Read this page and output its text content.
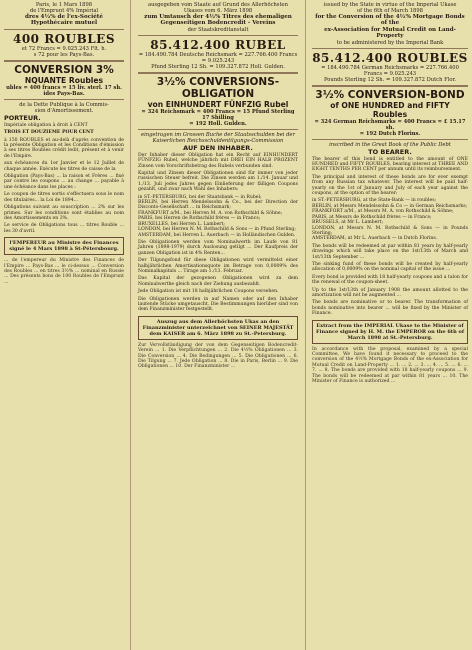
Paris, le 1 Mars 1898
de l'Emprunt 4% Impérial
dres 4½% de l'ex-Société
Hypothécaire mutuel
400 ROUBLES
et 72 Francs = 9.025.243 Flt. h.
s 72 pour les Pays-Bas.
CONVERSION 3%
NQUANTE Roubles
ubles = 400 francs = 15 liv. sterl. 17 sh.
ides Pays-Bas.
de la Dette Publique à la Commis-
sion d'Amortissement.
PORTEUR.
Impériale obligation à droit à CENT
TROIS ET DOUZIEME POUR CENT
à 150 ROUBLES et au-delà d'après convention de la présente Obligation et les Conditions d'émission à ses titres Roubles crédit ledit, présent et à venir de l'Empire.
aux échéances du 1er Janvier et le 12 Juillet de chaque année. Exécute les titres de caisse de la
Obligation (Pays-Bas) ... la raison et Frères ... fixé par contre les coupons ... au change ... payable à une échéance dans les places :
Le coupon de titres sortis s'effectuera sous le nom des titulaires... la Loi de 1894...
Obligations suivant au souscription ... 2% sur les primes. Sur les conditions sont établies au nom des Amortissements en 3%.
Le service de Obligations tous ... titres Rouble ... les 30 d'avril.
l'EMPEREUR au Ministre des Finances signé le 4 Mars 1898 à St-Pétersbourg.
... de l'empereur du Ministre des Finances de l'Empire ... Pays-Bas ... le ci-dessus ... Conversion des Roubles ... en titres 3½% ... nominal en Russie ... Des présents bons de 100 Roubles de l'Emprunt ...
ausgegeben vom Staate auf Grund des Allerhöchsten
Ukases vom 6. März 1898
zum Umtausch der 4½% Titres des ehemaligen
Gegenseitigen Bodencredit - Vereins
der Staatskreditanstalt
85.412.400 RUBEL
= 184.490.784 Deutsche Reichsmark = 227.766.400 Francs = 9.025.243
Pfund Sterling 12 Sh. = 109.327.872 Holl. Gulden.
3½% CONVERSIONS-OBLIGATION
von EINHUNDERT FÜNFZIG Rubel
= 324 Reichsmark = 400 Francs = 15 Pfund Sterling 17 Shilling
= 192 Holl. Gulden.
eingetragen im Grossen Buche der Staatsschulden bei der
Kaiserlichen Reichsschuldentilgungs-Commission
AUF DEN INHABER.
Der Inhaber dieser Obligation hat ein Recht auf EINHUNDERT FÜNFZIG Rubel, welche jährlich mit DREI EIN HALB PROZENT Zinsen vom Vorschriftsbetrag des Rubels verbunden sind.
Kapital und Zinsen dieser Obligationen sind für immer von jeder russischen Steuer befreit. Die Zinsen werden am 1./14. Januar und 1./13. Juli jedes Jahres gegen Einlieferung der fälligen Coupons gezahlt, und zwar nach Wahl des Inhabers:
in ST.-PETERSBURG, bei der Staatsbank — in Rubel;
BERLIN, bei Herren Mendelssohn & Co., bei der Direction der Disconto-Gesellschaft ... in Reichsmark;
FRANKFURT a/M., bei Herren M. A. von Rothschild & Söhne;
PARIS, bei Herren de Rothschild frères — in Francs;
BRUXELLES, bei Herren L. Lambert;
LONDON, bei Herren N. M. Rothschild & Sons — in Pfund Sterling;
AMSTERDAM, bei Herren L. Auerbach — in Holländischen Gulden.
Die Obligationen werden vom Nominalwerth im Laufe von 81 Jahren (1898-1979) durch Auslosung getilgt ... Der Kaufpreis der ganzen Obligation ist in 4% Renten...
Der Tilgungsfond für diese Obligationen wird vermittelst einer halbjährlichen Amortisationsquote im Betrage von 0,0009% des Nominalkapitals ... Tirage am 1./13. Februar.
Das Kapital der gezogenen Obligationen wird zu dem Nominalwerthe gleich nach der Ziehung ausbezahlt.
Jede Obligation ist mit 18 halbjährlichen Coupons versehen.
Die Obligationen werden in auf Namen oder auf den Inhaber lautende Stücke umgetauscht. Die Bestimmungen hierüber sind von dem Finanzminister festgestellt.
Auszug aus dem Allerhöchsten Ukas an den Finanzminister unterzeichnet von SEINER MAJESTÄT dem KAISER am 6. März 1898 zu St.-Petersburg.
Zur Vervollständigung der von dem Gegenseitigen Bodencredit-Verein ... 1. Die Verpflichtungen ... 2. Die 4½% Obligationen ... 3. Die Conversion ... 4. Die Bedingungen ... 5. Die Obligationen ... 6. Die Tilgung ... 7. Jede Obligation ... 8. Die in Paris, Berlin ... 9. Die Obligationen ... 10. Der Finanzminister ...
issued by the State in virtue of the Imperial Ukase
of the 6th of March 1898
for the Conversion of the 4½% Mortgage Bonds of the
ex-Association for Mutual Credit on Land-Property
to be administered by the Imperial Bank
85.412.400 ROUBLES
= 184.490.784 German Reichsmarks = 227.766.400 Francs = 9.025.243
Pounds Sterling 12 Sh. = 109.327.872 Dutch Flor.
3½% CONVERSION-BOND
of ONE HUNDRED and FIFTY Roubles
= 324 German Reichsmarks = 400 Francs = £ 15.17 sh.
= 192 Dutch Florins.
inscribed in the Great Book of the Public Debt
TO BEARER.
The bearer of this bond is entitled to the amount of ONE HUNDRED and FIFTY ROUBLES, bearing interest at THREE AND EIGHT TENTHS PER CENT per annum until its reimbursement.
The principal and interest of these bonds are for ever exempt from any Russian tax whatever. The interest will be paid half-yearly on the 1st of January and July of each year against the coupons, at the option of the bearer:
in ST.-PETERSBURG, at the State-Bank — in roubles;
BERLIN, at Messrs Mendelssohn & Co — in German Reichsmarks;
FRANKFORT a/M., at Messrs M. A. von Rothschild & Söhne;
PARIS, at Messrs de Rothschild frères — in Francs;
BRUSSELS, at Mr L. Lambert;
LONDON, at Messrs N. M. Rothschild & Sons — in Pounds Sterling;
AMSTERDAM, at Mr L. Auerbach — in Dutch Florins.
The bonds will be redeemed at par within 81 years by half-yearly drawings which will take place on the 1st/13th of March and 1st/13th September ...
The sinking fund of these bonds will be created by half-yearly allocation of 0,0009% on the nominal capital of the issue ...
Every bond is provided with 18 half-yearly coupons and a talon for the renewal of the coupon-sheet.
Up to the 1st/13th of January 1908 the amount allotted to the amortization will not be augmented ...
The bonds are nominative or to bearer. The transformation of bonds nominative into bearer ... will be fixed by the Minister of Finance.
Extract from the IMPERIAL Ukase to the Minister of Finance signed by H. M. the EMPEROR on the 6th of March 1898 at St.-Petersburg.
In accordance with the proposal, examined by a special Committee, We have found it necessary to proceed to the conversion of the 4½% Mortgage Bonds of the ex-Association for Mutual Credit on Land-Property ... 1. ... 2. ... 3. ... 4. ... 5. ... 6. ... 7. ... 8. The bonds are provided with 18 half-yearly coupons ... 9. The bonds will be redeemed at par within 81 years ... 10. The Minister of Finance is authorized ...
